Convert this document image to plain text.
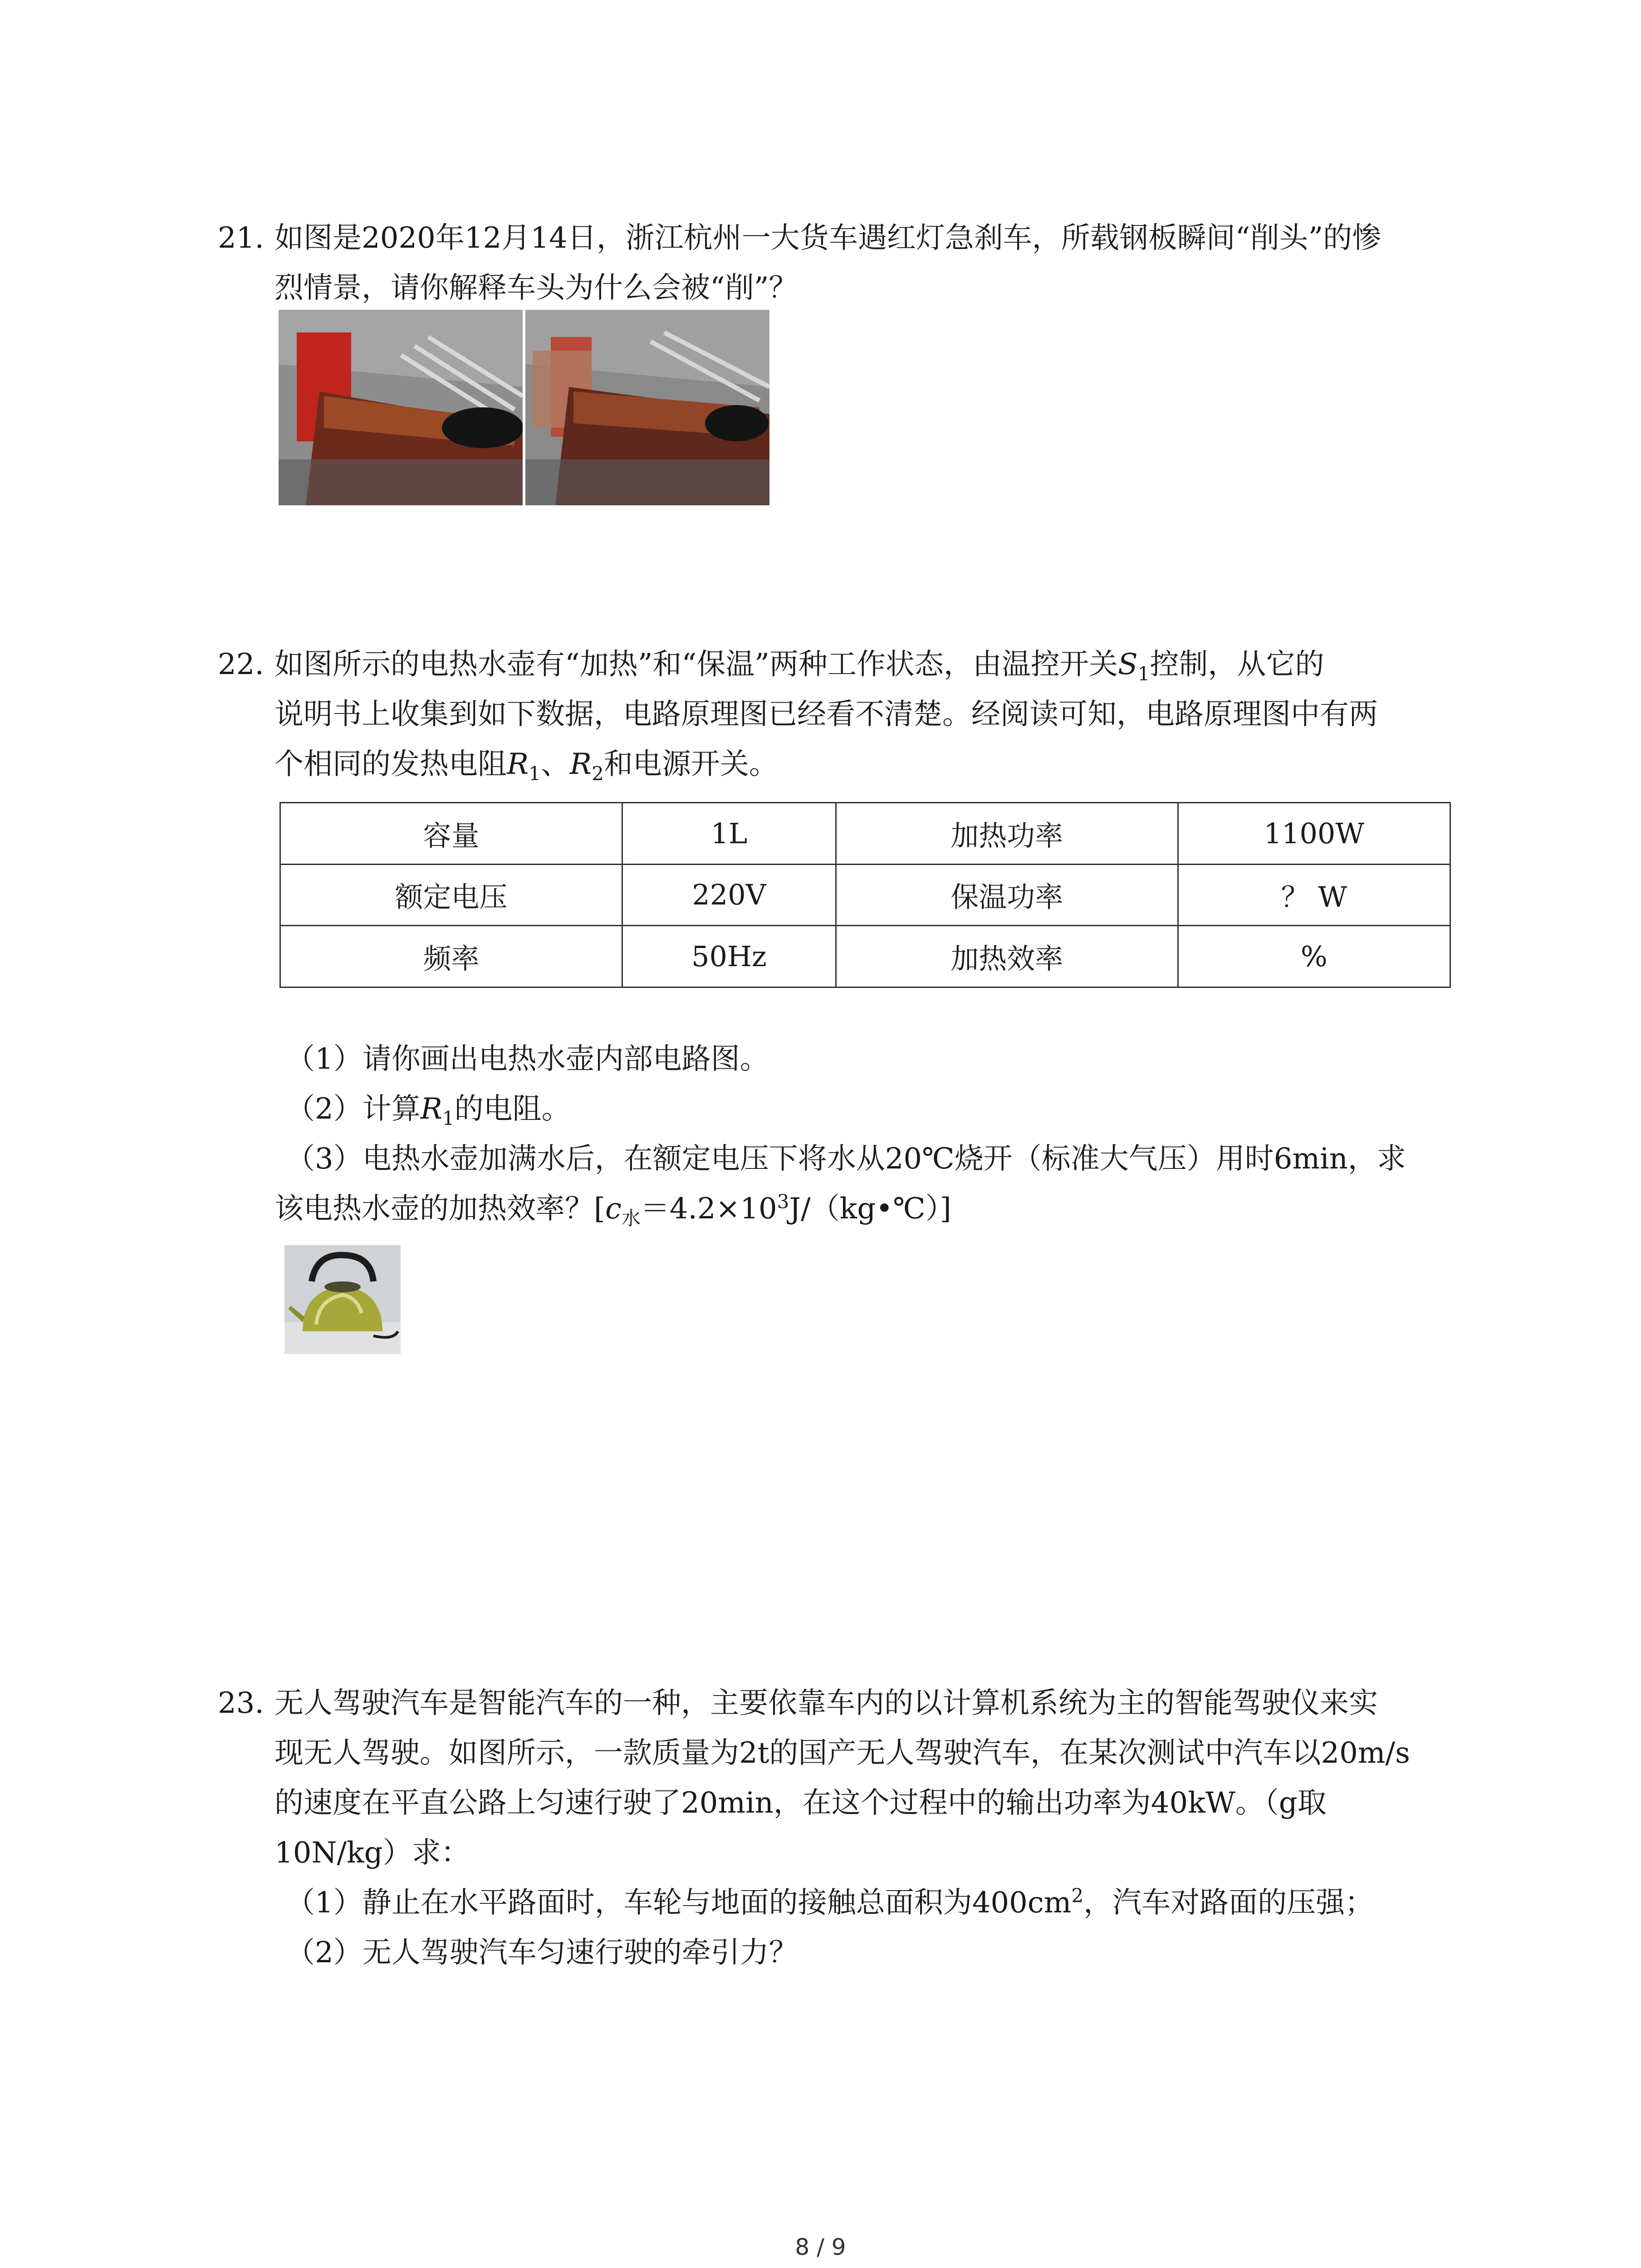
21. 如图是2020年12月14日，浙江杭州一大货车遇红灯急刹车，所载钢板瞬间“削头”的惨

烈情景，请你解释车头为什么会被“削”？

22. 如图所示的电热水壶有“加热”和“保温”两种工作状态，由温控开关$S_1$控制，从它的

说明书上收集到如下数据，电路原理图已经看不清楚。经阅读可知，电路原理图中有两

个相同的发热电阻$R_1$、$R_2$和电源开关。

容量	1L	加热功率	1100W
额定电压	220V	保温功率	？ W
频率	50Hz	加热效率	%

（1）请你画出电热水壶内部电路图。

（2）计算$R_1$的电阻。

（3）电热水壶加满水后，在额定电压下将水从20℃烧开（标准大气压）用时6min，求

该电热水壶的加热效率？$[c_水=4.2\times 10^3J/(kg•℃)]$

23. 无人驾驶汽车是智能汽车的一种，主要依靠车内的以计算机系统为主的智能驾驶仪来实

现无人驾驶。如图所示，一款质量为2t的国产无人驾驶汽车，在某次测试中汽车以20m/s

的速度在平直公路上匀速行驶了20min，在这个过程中的输出功率为40kW。（g取

10N/kg）求：

（1）静止在水平路面时，车轮与地面的接触总面积为$400cm^2$，汽车对路面的压强；

（2）无人驾驶汽车匀速行驶的牵引力？

8 / 9
